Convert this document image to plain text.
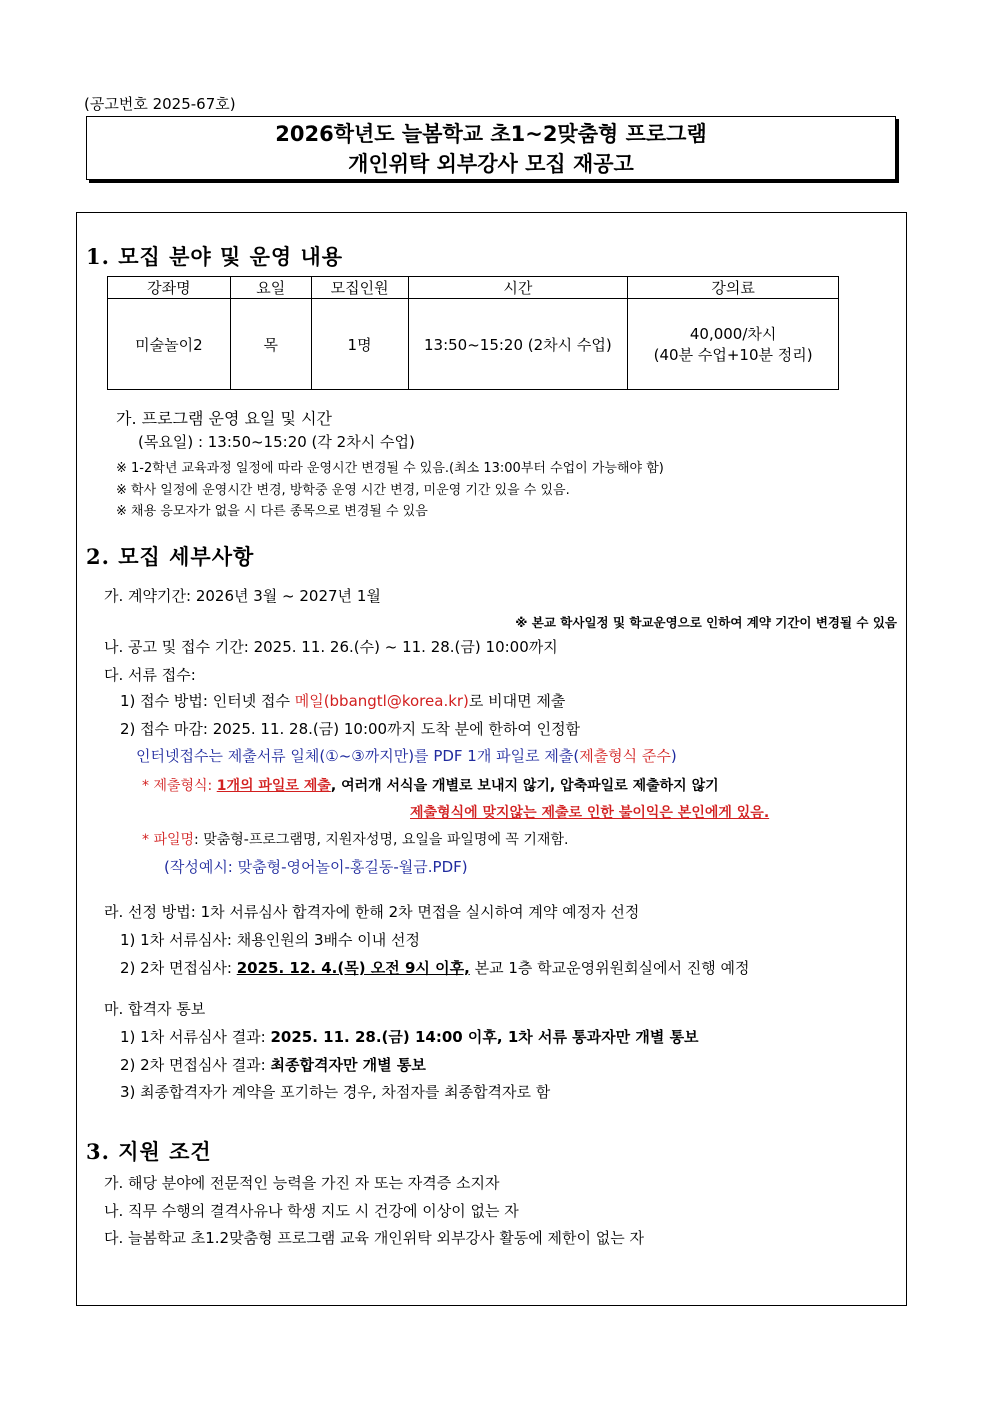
(공고번호 2025-67호)
2026학년도 늘봄학교 초1~2맞춤형 프로그램
개인위탁 외부강사 모집 재공고
1. 모집 분야 및 운영 내용
강좌명	요일	모집인원	시간	강의료
미술놀이2	목	1명	13:50~15:20 (2차시 수업)	40,000/차시
(40분 수업+10분 정리)
가. 프로그램 운영 요일 및 시간
(목요일) : 13:50~15:20 (각 2차시 수업)
※ 1-2학년 교육과정 일정에 따라 운영시간 변경될 수 있음.(최소 13:00부터 수업이 가능해야 함)
※ 학사 일정에 운영시간 변경, 방학중 운영 시간 변경, 미운영 기간 있을 수 있음.
※ 채용 응모자가 없을 시 다른 종목으로 변경될 수 있음
2. 모집 세부사항
가. 계약기간: 2026년 3월 ~ 2027년 1월
※ 본교 학사일정 및 학교운영으로 인하여 계약 기간이 변경될 수 있음
나. 공고 및 접수 기간: 2025. 11. 26.(수) ~ 11. 28.(금) 10:00까지
다. 서류 접수:
1) 접수 방법: 인터넷 접수 메일(bbangtl@korea.kr)로 비대면 제출
2) 접수 마감: 2025. 11. 28.(금) 10:00까지 도착 분에 한하여 인정함
인터넷접수는 제출서류 일체(①~③까지만)를 PDF 1개 파일로 제출(제출형식 준수)
* 제출형식: 1개의 파일로 제출, 여러개 서식을 개별로 보내지 않기, 압축파일로 제출하지 않기
제출형식에 맞지않는 제출로 인한 불이익은 본인에게 있음.
* 파일명: 맞춤형-프로그램명, 지원자성명, 요일을 파일명에 꼭 기재함.
(작성예시: 맞춤형-영어놀이-홍길동-월금.PDF)
라. 선정 방법: 1차 서류심사 합격자에 한해 2차 면접을 실시하여 계약 예정자 선정
1) 1차 서류심사: 채용인원의 3배수 이내 선정
2) 2차 면접심사: 2025. 12. 4.(목) 오전 9시 이후, 본교 1층 학교운영위원회실에서 진행 예정
마. 합격자 통보
1) 1차 서류심사 결과: 2025. 11. 28.(금) 14:00 이후, 1차 서류 통과자만 개별 통보
2) 2차 면접심사 결과: 최종합격자만 개별 통보
3) 최종합격자가 계약을 포기하는 경우, 차점자를 최종합격자로 함
3. 지원 조건
가. 해당 분야에 전문적인 능력을 가진 자 또는 자격증 소지자
나. 직무 수행의 결격사유나 학생 지도 시 건강에 이상이 없는 자
다. 늘봄학교 초1.2맞춤형 프로그램 교육 개인위탁 외부강사 활동에 제한이 없는 자
